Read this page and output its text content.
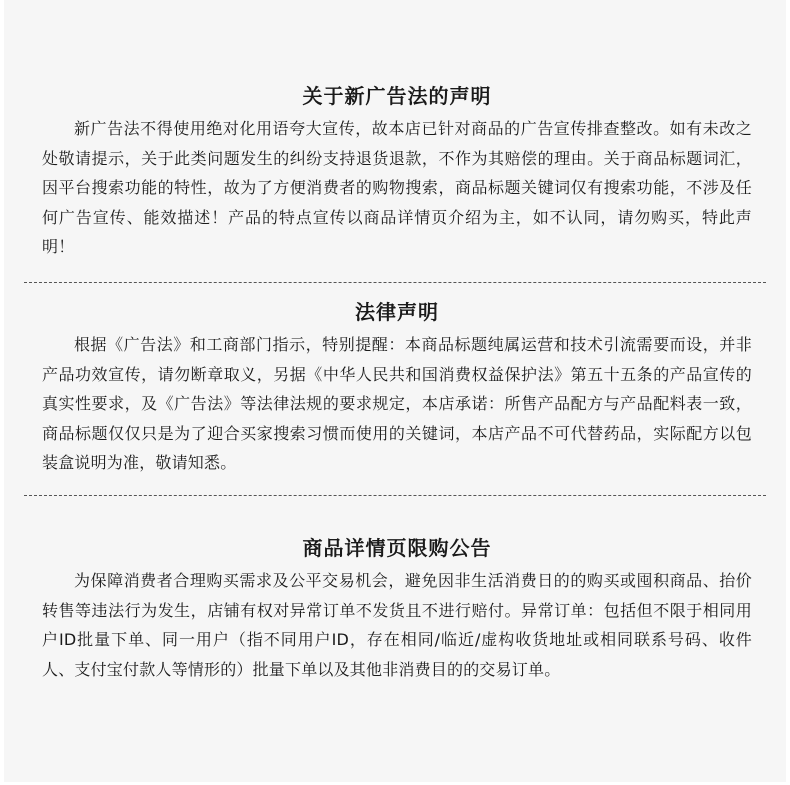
关于新广告法的声明

新广告法不得使用绝对化用语夸大宣传，故本店已针对商品的广告宣传排查整改。如有未改之处敬请提示，关于此类问题发生的纠纷支持退货退款，不作为其赔偿的理由。关于商品标题词汇，因平台搜索功能的特性，故为了方便消费者的购物搜索，商品标题关键词仅有搜索功能，不涉及任何广告宣传、能效描述！产品的特点宣传以商品详情页介绍为主，如不认同，请勿购买，特此声明！

法律声明

根据《广告法》和工商部门指示，特别提醒：本商品标题纯属运营和技术引流需要而设，并非产品功效宣传，请勿断章取义，另据《中华人民共和国消费权益保护法》第五十五条的产品宣传的真实性要求，及《广告法》等法律法规的要求规定，本店承诺：所售产品配方与产品配料表一致，商品标题仅仅只是为了迎合买家搜索习惯而使用的关键词，本店产品不可代替药品，实际配方以包装盒说明为准，敬请知悉。

商品详情页限购公告

为保障消费者合理购买需求及公平交易机会，避免因非生活消费日的的购买或囤积商品、抬价转售等违法行为发生，店铺有权对异常订单不发货且不进行赔付。异常订单：包括但不限于相同用户ID批量下单、同一用户（指不同用户ID，存在相同/临近/虚构收货地址或相同联系号码、收件人、支付宝付款人等情形的）批量下单以及其他非消费目的的交易订单。
